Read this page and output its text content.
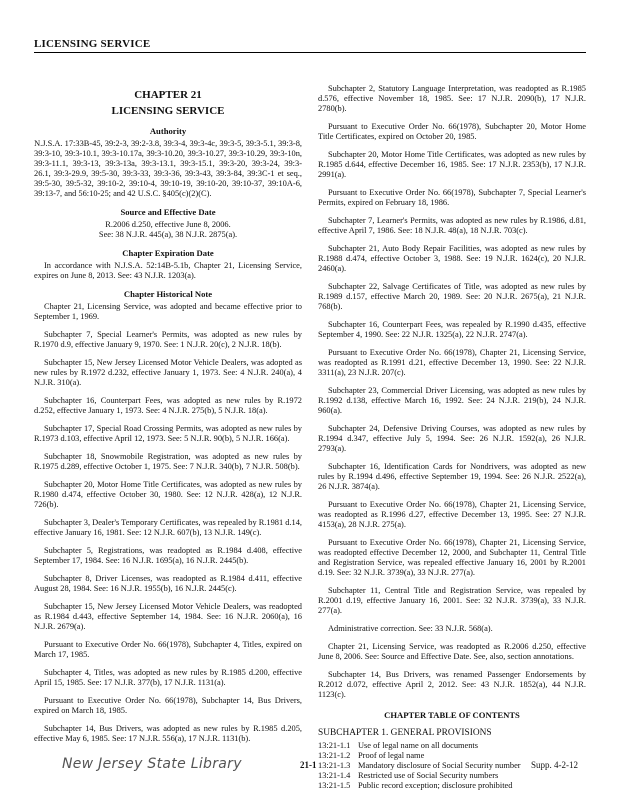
LICENSING SERVICE
CHAPTER 21
LICENSING SERVICE
Authority

N.J.S.A. 17:33B-45, 39:2-3, 39:2-3.8, 39:3-4, 39:3-4c, 39:3-5, 39:3-5.1, 39:3-8, 39:3-10, 39:3-10.1, 39:3-10.17a, 39:3-10.20, 39:3-10.27, 39:3-10.29, 39:3-10n, 39:3-11.1, 39:3-13, 39:3-13a, 39:3-13.1, 39:3-15.1, 39:3-20, 39:3-24, 39:3-26.1, 39:3-29.9, 39:5-30, 39:3-33, 39:3-36, 39:3-43, 39:3-84, 39:3C-1 et seq., 39:5-30, 39:5-32, 39:10-2, 39:10-4, 39:10-19, 39:10-20, 39:10-37, 39:10A-6, 39:13-7, and 56:10-25; and 42 U.S.C. §405(c)(2)(C).

Source and Effective Date
R.2006 d.250, effective June 8, 2006.
See: 38 N.J.R. 445(a), 38 N.J.R. 2875(a).
Chapter Expiration Date

In accordance with N.J.S.A. 52:14B-5.1b, Chapter 21, Licensing Service, expires on June 8, 2013. See: 43 N.J.R. 1203(a).

Chapter Historical Note

Chapter 21, Licensing Service, was adopted and became effective prior to September 1, 1969.

Subchapter 7, Special Learner's Permits, was adopted as new rules by R.1970 d.9, effective January 9, 1970. See: 1 N.J.R. 20(c), 2 N.J.R. 18(b).

Subchapter 15, New Jersey Licensed Motor Vehicle Dealers, was adopted as new rules by R.1972 d.232, effective January 1, 1973. See: 4 N.J.R. 240(a), 4 N.J.R. 310(a).

Subchapter 16, Counterpart Fees, was adopted as new rules by R.1972 d.252, effective January 1, 1973. See: 4 N.J.R. 275(b), 5 N.J.R. 18(a).

Subchapter 17, Special Road Crossing Permits, was adopted as new rules by R.1973 d.103, effective April 12, 1973. See: 5 N.J.R. 90(b), 5 N.J.R. 166(a).

Subchapter 18, Snowmobile Registration, was adopted as new rules by R.1975 d.289, effective October 1, 1975. See: 7 N.J.R. 340(b), 7 N.J.R. 508(b).

Subchapter 20, Motor Home Title Certificates, was adopted as new rules by R.1980 d.474, effective October 30, 1980. See: 12 N.J.R. 428(a), 12 N.J.R. 726(b).

Subchapter 3, Dealer's Temporary Certificates, was repealed by R.1981 d.14, effective January 16, 1981. See: 12 N.J.R. 607(b), 13 N.J.R. 149(c).

Subchapter 5, Registrations, was readopted as R.1984 d.408, effective September 17, 1984. See: 16 N.J.R. 1695(a), 16 N.J.R. 2445(b).

Subchapter 8, Driver Licenses, was readopted as R.1984 d.411, effective August 28, 1984. See: 16 N.J.R. 1955(b), 16 N.J.R. 2445(c).

Subchapter 15, New Jersey Licensed Motor Vehicle Dealers, was readopted as R.1984 d.443, effective September 14, 1984. See: 16 N.J.R. 2060(a), 16 N.J.R. 2679(a).

Pursuant to Executive Order No. 66(1978), Subchapter 4, Titles, expired on March 17, 1985.

Subchapter 4, Titles, was adopted as new rules by R.1985 d.200, effective April 15, 1985. See: 17 N.J.R. 377(b), 17 N.J.R. 1131(a).

Pursuant to Executive Order No. 66(1978), Subchapter 14, Bus Drivers, expired on March 18, 1985.

Subchapter 14, Bus Drivers, was adopted as new rules by R.1985 d.205, effective May 6, 1985. See: 17 N.J.R. 556(a), 17 N.J.R. 1131(b).

Subchapter 2, Statutory Language Interpretation, was readopted as R.1985 d.576, effective November 18, 1985. See: 17 N.J.R. 2090(b), 17 N.J.R. 2780(b).

Pursuant to Executive Order No. 66(1978), Subchapter 20, Motor Home Title Certificates, expired on October 20, 1985.

Subchapter 20, Motor Home Title Certificates, was adopted as new rules by R.1985 d.644, effective December 16, 1985. See: 17 N.J.R. 2353(b), 17 N.J.R. 2991(a).

Pursuant to Executive Order No. 66(1978), Subchapter 7, Special Learner's Permits, expired on February 18, 1986.

Subchapter 7, Learner's Permits, was adopted as new rules by R.1986, d.81, effective April 7, 1986. See: 18 N.J.R. 48(a), 18 N.J.R. 703(c).

Subchapter 21, Auto Body Repair Facilities, was adopted as new rules by R.1988 d.474, effective October 3, 1988. See: 19 N.J.R. 1624(c), 20 N.J.R. 2460(a).

Subchapter 22, Salvage Certificates of Title, was adopted as new rules by R.1989 d.157, effective March 20, 1989. See: 20 N.J.R. 2675(a), 21 N.J.R. 768(b).

Subchapter 16, Counterpart Fees, was repealed by R.1990 d.435, effective September 4, 1990. See: 22 N.J.R. 1325(a), 22 N.J.R. 2747(a).

Pursuant to Executive Order No. 66(1978), Chapter 21, Licensing Service, was readopted as R.1991 d.21, effective December 13, 1990. See: 22 N.J.R. 3311(a), 23 N.J.R. 207(c).

Subchapter 23, Commercial Driver Licensing, was adopted as new rules by R.1992 d.138, effective March 16, 1992. See: 24 N.J.R. 219(b), 24 N.J.R. 960(a).

Subchapter 24, Defensive Driving Courses, was adopted as new rules by R.1994 d.347, effective July 5, 1994. See: 26 N.J.R. 1592(a), 26 N.J.R. 2793(a).

Subchapter 16, Identification Cards for Nondrivers, was adopted as new rules by R.1994 d.496, effective September 19, 1994. See: 26 N.J.R. 2522(a), 26 N.J.R. 3874(a).

Pursuant to Executive Order No. 66(1978), Chapter 21, Licensing Service, was readopted as R.1996 d.27, effective December 13, 1995. See: 27 N.J.R. 4153(a), 28 N.J.R. 275(a).

Pursuant to Executive Order No. 66(1978), Chapter 21, Licensing Service, was readopted effective December 12, 2000, and Subchapter 11, Central Title and Registration Service, was repealed effective January 16, 2001 by R.2001 d.19. See: 32 N.J.R. 3739(a), 33 N.J.R. 277(a).

Subchapter 11, Central Title and Registration Service, was repealed by R.2001 d.19, effective January 16, 2001. See: 32 N.J.R. 3739(a), 33 N.J.R. 277(a).

Administrative correction. See: 33 N.J.R. 568(a).

Chapter 21, Licensing Service, was readopted as R.2006 d.250, effective June 8, 2006. See: Source and Effective Date. See, also, section annotations.

Subchapter 14, Bus Drivers, was renamed Passenger Endorsements by R.2012 d.072, effective April 2, 2012. See: 43 N.J.R. 1852(a), 44 N.J.R. 1123(c).

CHAPTER TABLE OF CONTENTS
SUBCHAPTER 1. GENERAL PROVISIONS
13:21-1.1 Use of legal name on all documents
13:21-1.2 Proof of legal name
13:21-1.3 Mandatory disclosure of Social Security number
13:21-1.4 Restricted use of Social Security numbers
13:21-1.5 Public record exception; disclosure prohibited
New Jersey State Library	21-1	Supp. 4-2-12
